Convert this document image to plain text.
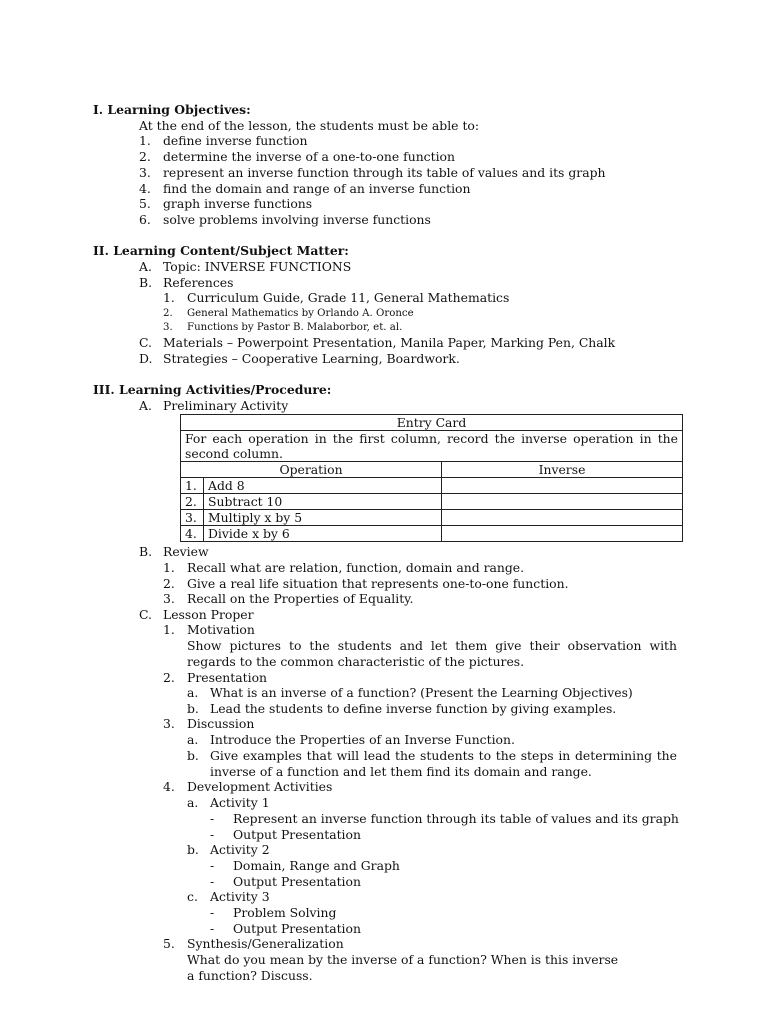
I. Learning Objectives:
At the end of the lesson, the students must be able to:
1. define inverse function
2. determine the inverse of a one-to-one function
3. represent an inverse function through its table of values and its graph
4. find the domain and range of an inverse function
5. graph inverse functions
6. solve problems involving inverse functions
II. Learning Content/Subject Matter:
A. Topic: INVERSE FUNCTIONS
B. References
1. Curriculum Guide, Grade 11, General Mathematics
2. General Mathematics by Orlando A. Oronce
3. Functions by Pastor B. Malaborbor, et. al.
C. Materials – Powerpoint Presentation, Manila Paper, Marking Pen, Chalk
D. Strategies – Cooperative Learning, Boardwork.
III. Learning Activities/Procedure:
A. Preliminary Activity
Entry Card		
For each operation in the first column, record the inverse operation in the second column.		
Operation		Inverse
1.	Add 8	
2.	Subtract 10	
3.	Multiply x by 5	
4.	Divide x by 6	
B. Review
1. Recall what are relation, function, domain and range.
2. Give a real life situation that represents one-to-one function.
3. Recall on the Properties of Equality.
C. Lesson Proper
1. Motivation
Show pictures to the students and let them give their observation with regards to the common characteristic of the pictures.
2. Presentation
a. What is an inverse of a function? (Present the Learning Objectives)
b. Lead the students to define inverse function by giving examples.
3. Discussion
a. Introduce the Properties of an Inverse Function.
b. Give examples that will lead the students to the steps in determining the inverse of a function and let them find its domain and range.
4. Development Activities
a. Activity 1
- Represent an inverse function through its table of values and its graph
- Output Presentation
b. Activity 2
- Domain, Range and Graph
- Output Presentation
c. Activity 3
- Problem Solving
- Output Presentation
5. Synthesis/Generalization
What do you mean by the inverse of a function? When is this inverse a function? Discuss.
